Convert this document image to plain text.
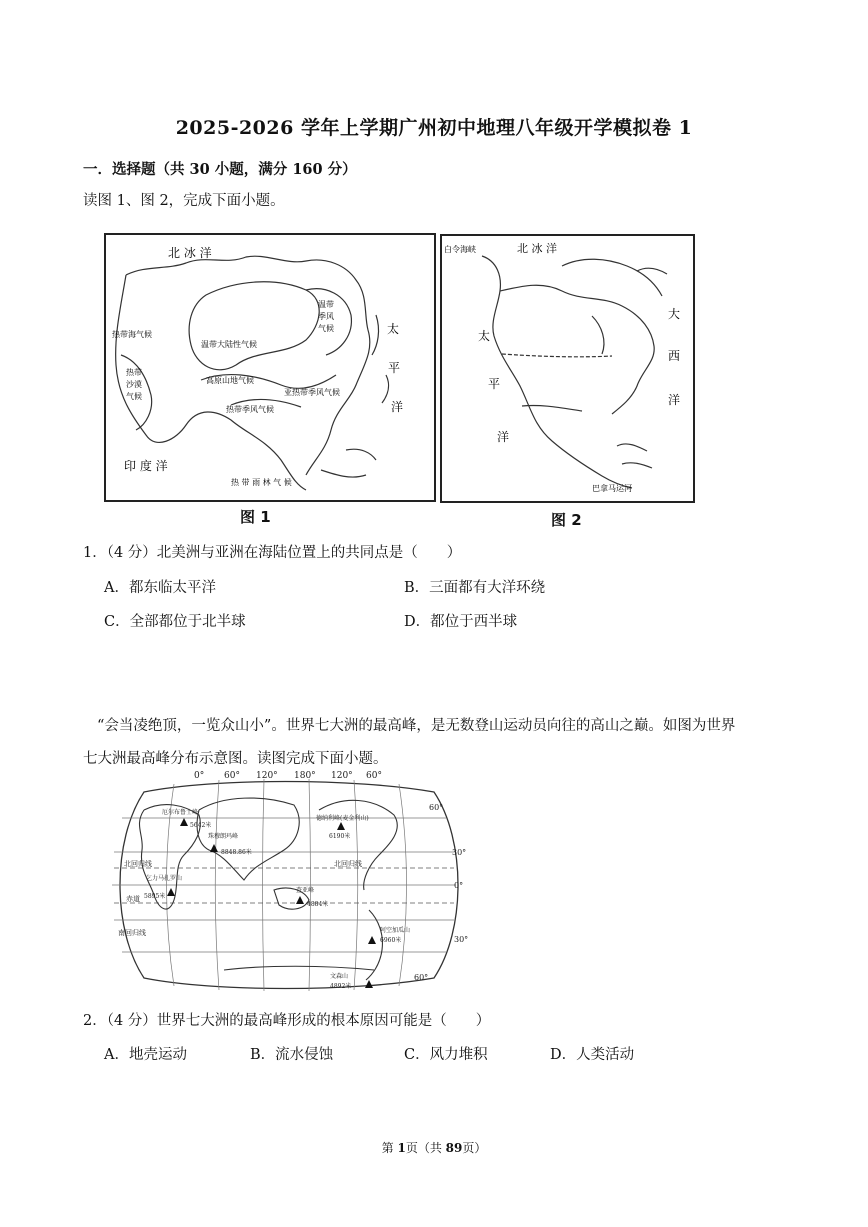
2025-2026 学年上学期广州初中地理八年级开学模拟卷 1
一．选择题（共 30 小题，满分 160 分）
读图 1、图 2，完成下面小题。
北 冰 洋
太
平
洋
印 度 洋
温带大陆性气候
温带
季风
气候
热带海气候
热带
沙漠
气候
高原山地气候
亚热带季风气候
热带季风气候
热 带 雨 林 气 候
图 1
白令海峡	北 冰 洋
大
西
洋
太
平
洋
巴拿马运河
图 2
1．（4 分）北美洲与亚洲在海陆位置上的共同点是（　　）
A．都东临太平洋	B．三面都有大洋环绕
C．全部都位于北半球	D．都位于西半球
“会当凌绝顶，一览众山小”。世界七大洲的最高峰，是无数登山运动员向往的高山之巅。如图为世界
七大洲最高峰分布示意图。读图完成下面小题。
0° 60° 120° 180° 120° 60°
60°
30°
0°
30°
60°
北回归线	北回归线
赤道
南回归线
厄尔布鲁士峰
5642米
珠穆朗玛峰
8848.86米
德纳利峰(麦金利山)
6190米
乞力马扎罗山
5895米
查亚峰
4884米
阿空加瓜山
6960米
文森山
4892米
2．（4 分）世界七大洲的最高峰形成的根本原因可能是（　　）
A．地壳运动	B．流水侵蚀	C．风力堆积	D．人类活动
第 1页（共 89页）
